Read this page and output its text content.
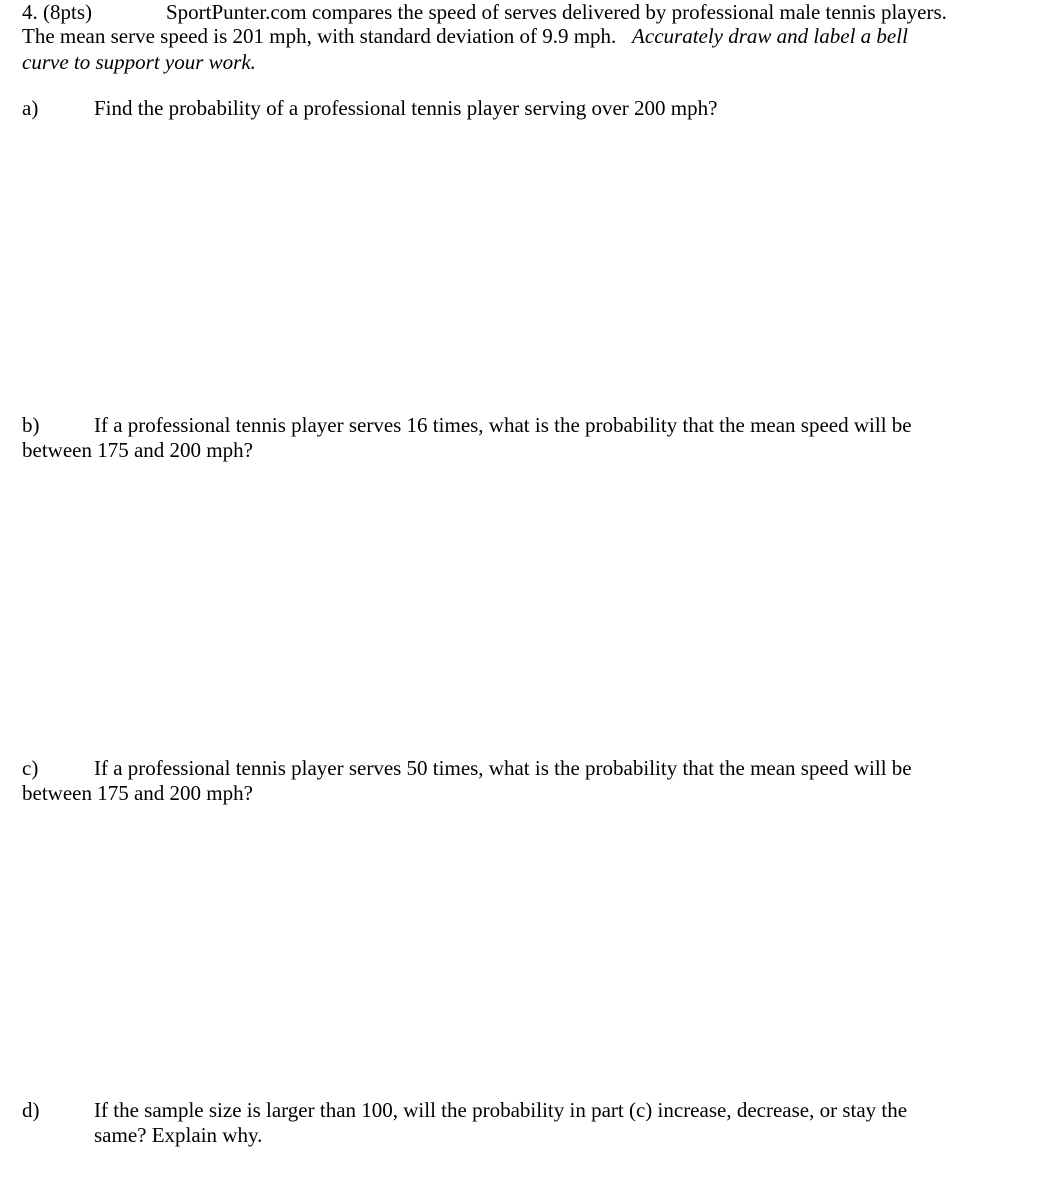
4. (8pts)	SportPunter.com compares the speed of serves delivered by professional male tennis players.
The mean serve speed is 201 mph, with standard deviation of 9.9 mph. Accurately draw and label a bell
curve to support your work.
a)	Find the probability of a professional tennis player serving over 200 mph?
b)	If a professional tennis player serves 16 times, what is the probability that the mean speed will be
between 175 and 200 mph?
c)	If a professional tennis player serves 50 times, what is the probability that the mean speed will be
between 175 and 200 mph?
d)	If the sample size is larger than 100, will the probability in part (c) increase, decrease, or stay the
same? Explain why.
